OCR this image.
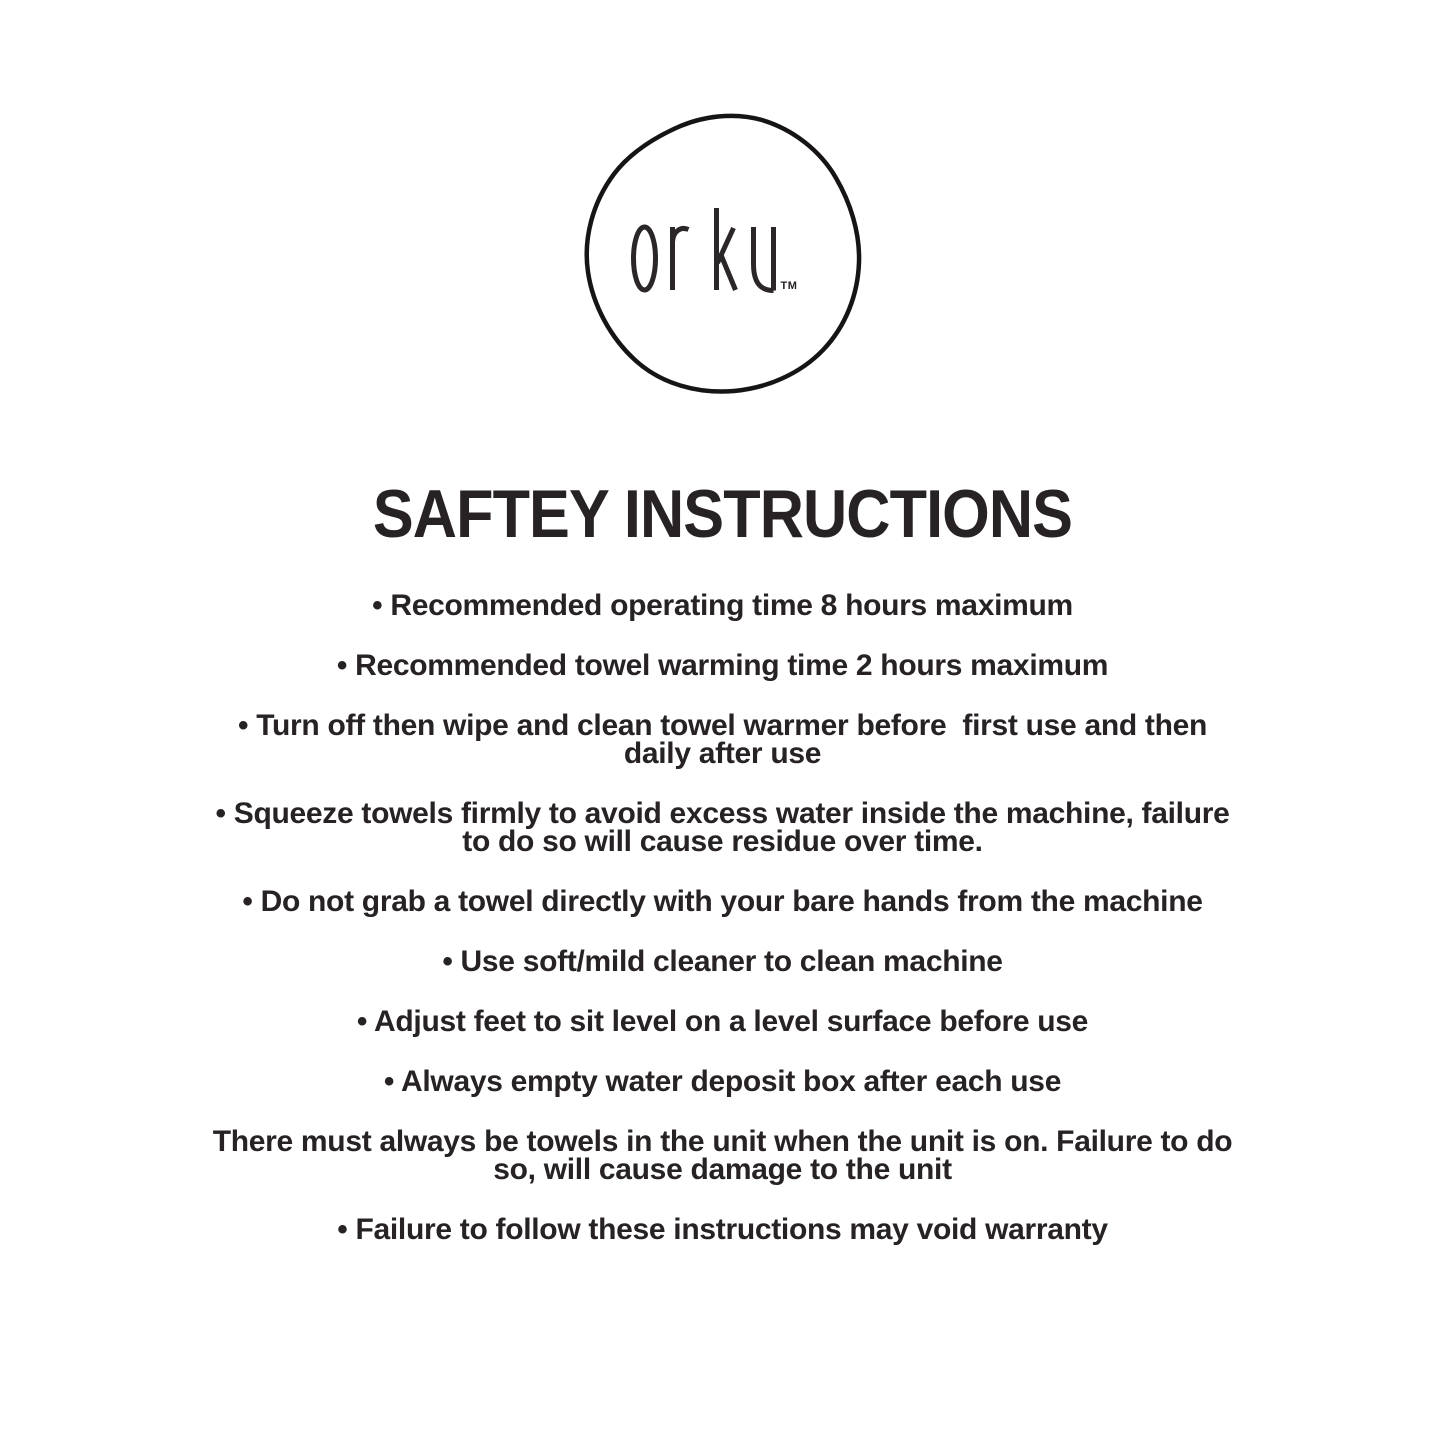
TM
SAFTEY INSTRUCTIONS
• Recommended operating time 8 hours maximum
• Recommended towel warming time 2 hours maximum
• Turn off then wipe and clean towel warmer before  first use and then
daily after use
• Squeeze towels firmly to avoid excess water inside the machine, failure
to do so will cause residue over time.
• Do not grab a towel directly with your bare hands from the machine
• Use soft/mild cleaner to clean machine
• Adjust feet to sit level on a level surface before use
• Always empty water deposit box after each use
There must always be towels in the unit when the unit is on. Failure to do
so, will cause damage to the unit
• Failure to follow these instructions may void warranty
